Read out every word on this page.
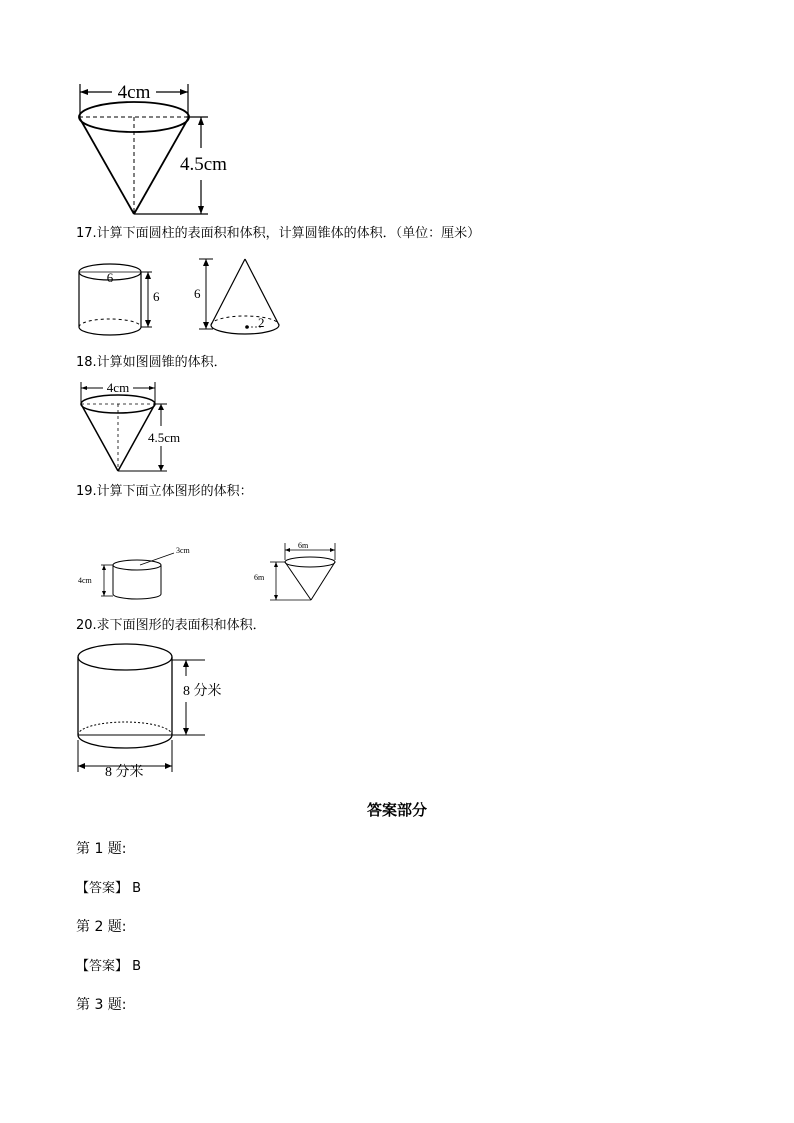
4cm
4.5cm
17.计算下面圆柱的表面积和体积，计算圆锥体的体积．（单位：厘米）
6
6	6
2
18.计算如图圆锥的体积．
4cm
4.5cm
19.计算下面立体图形的体积：
3cm
4cm
6m
6m
20.求下面图形的表面积和体积．
8 分米
8 分米
答案部分
第 1 题:
【答案】 B
第 2 题:
【答案】 B
第 3 题:
